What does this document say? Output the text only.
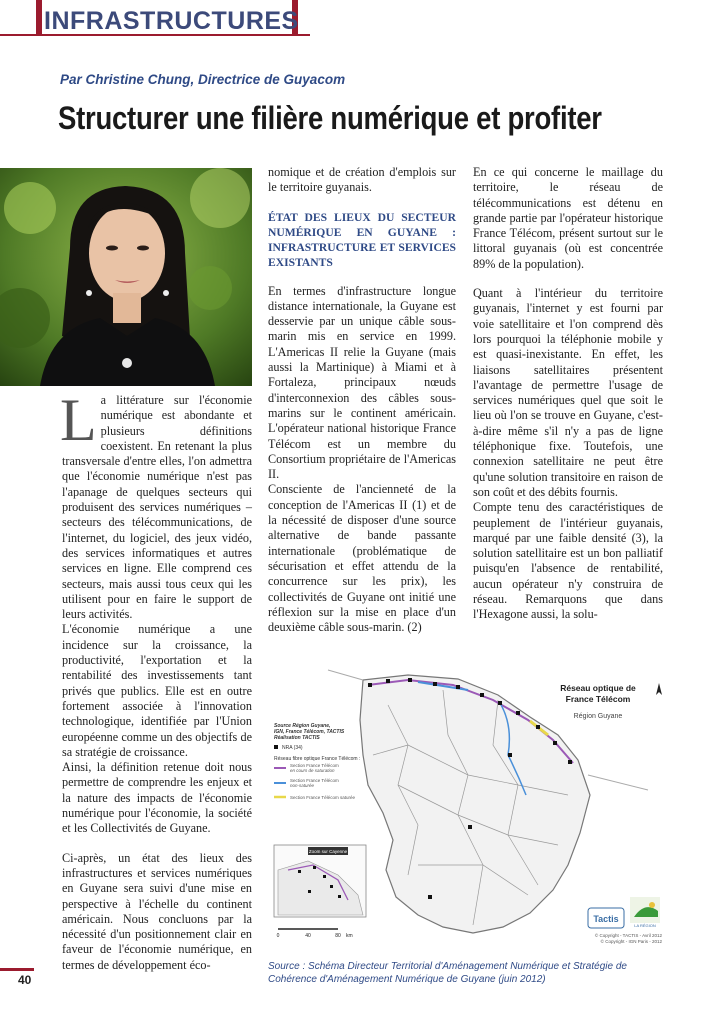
INFRASTRUCTURES
Par Christine Chung, Directrice de Guyacom
Structurer une filière numérique et profiter

La littérature sur l'économie numérique est abondante et plusieurs définitions coexistent. En retenant la plus transversale d'entre elles, l'on admettra que l'économie numérique n'est pas l'apanage de quelques secteurs qui produisent des services numériques – secteurs des télécommunications, de l'internet, du logiciel, des jeux vidéo, des services informatiques et autres services en ligne. Elle comprend ces secteurs, mais aussi tous ceux qui les utilisent pour en faire le support de leurs activités.

L'économie numérique a une incidence sur la croissance, la productivité, l'exportation et la rentabilité des investissements tant privés que publics. Elle est en outre fortement associée à l'innovation technologique, identifiée par l'Union européenne comme un des objectifs de sa stratégie de croissance.

Ainsi, la définition retenue doit nous permettre de comprendre les enjeux et la nature des impacts de l'économie numérique pour l'économie, la société et les Collectivités de Guyane.

Ci-après, un état des lieux des infrastructures et services numériques en Guyane sera suivi d'une mise en perspective à l'échelle du continent américain. Nous concluons par la nécessité d'un positionnement clair en faveur de l'économie numérique, en termes de développement éco-

nomique et de création d'emplois sur le territoire guyanais.

ÉTAT DES LIEUX DU SECTEUR NUMÉRIQUE EN GUYANE : INFRASTRUCTURE ET SERVICES EXISTANTS

En termes d'infrastructure longue distance internationale, la Guyane est desservie par un unique câble sous-marin mis en service en 1999. L'Americas II relie la Guyane (mais aussi la Martinique) à Miami et à Fortaleza, principaux nœuds d'interconnexion des câbles sous-marins sur le continent américain. L'opérateur national historique France Télécom est un membre du Consortium propriétaire de l'Americas II.

Consciente de l'ancienneté de la conception de l'Americas II (1) et de la nécessité de disposer d'une source alternative de bande passante internationale (problématique de sécurisation et effet attendu de la concurrence sur les prix), les collectivités de Guyane ont initié une réflexion sur la mise en place d'un deuxième câble sous-marin. (2)

En ce qui concerne le maillage du territoire, le réseau de télécommunications est détenu en grande partie par l'opérateur historique France Télécom, présent surtout sur le littoral guyanais (où est concentrée 89% de la population).

Quant à l'intérieur du territoire guyanais, l'internet y est fourni par voie satellitaire et l'on comprend dès lors pourquoi la téléphonie mobile y est quasi-inexistante. En effet, les liaisons satellitaires présentent l'avantage de permettre l'usage de services numériques quel que soit le lieu où l'on se trouve en Guyane, c'est-à-dire même s'il n'y a pas de ligne téléphonique fixe. Toutefois, une connexion satellitaire ne peut être qu'une solution transitoire en raison de son coût et des débits fournis.

Compte tenu des caractéristiques de peuplement de l'intérieur guyanais, marqué par une faible densité (3), la solution satellitaire est un bon palliatif puisqu'en l'absence de rentabilité, aucun opérateur n'y construira de réseau. Remarquons que dans l'Hexagone aussi, la solu-

Réseau optique de
France Télécom
Région Guyane
Source Région Guyane,
IGN, France Télécom, TACTIS
Réalisation TACTIS
NRA (34)
Réseau fibre optique France Télécom :
Section France Télécom
en cours de saturation
Section France Télécom
non-saturée
Section France Télécom saturée
Zoom sur Cayenne
0	40	80 km
Tactis
LA RÉGION
© Copyright - TACTIS - Avril 2012
© Copyright - IGN Paris - 2012
Source : Schéma Directeur Territorial d'Aménagement Numérique et Stratégie de Cohérence d'Aménagement Numérique de Guyane (juin 2012)
40
